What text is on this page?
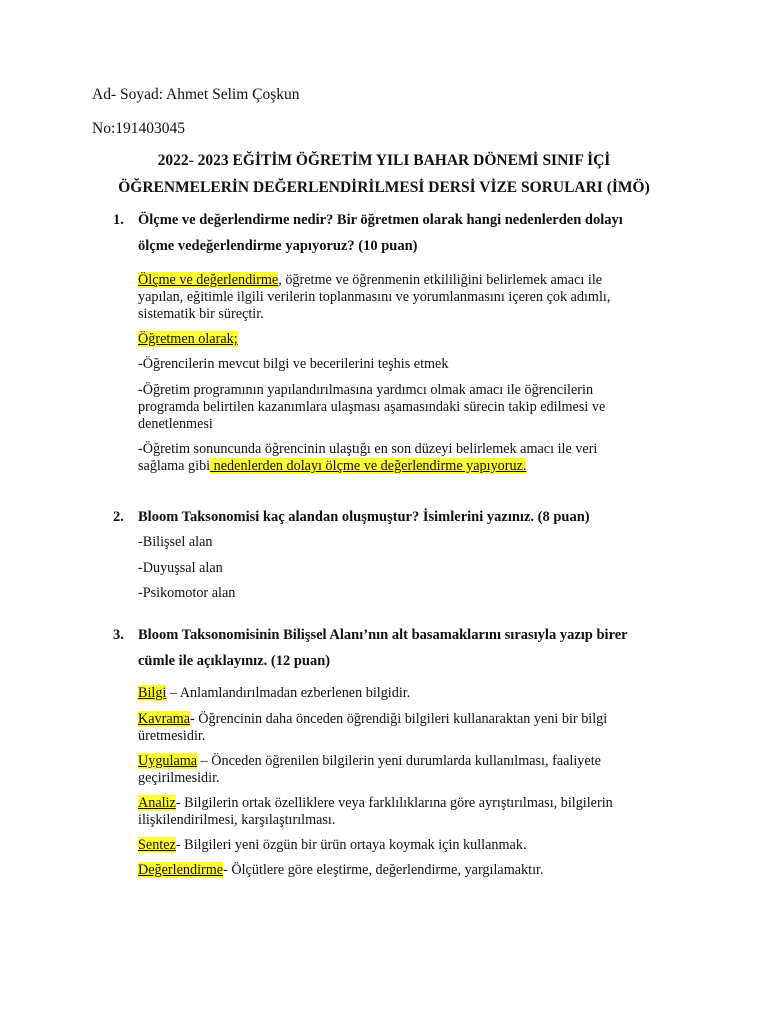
Ad- Soyad: Ahmet Selim Çoşkun
No:191403045
2022- 2023 EĞİTİM ÖĞRETİM YILI BAHAR DÖNEMİ SINIF İÇİ
ÖĞRENMELERİN DEĞERLENDİRİLMESİ DERSİ VİZE SORULARI (İMÖ)
1. Ölçme ve değerlendirme nedir? Bir öğretmen olarak hangi nedenlerden dolayı
ölçme vedeğerlendirme yapıyoruz? (10 puan)
Ölçme ve değerlendirme, öğretme ve öğrenmenin etkililiğini belirlemek amacı ile
yapılan, eğitimle ilgili verilerin toplanmasını ve yorumlanmasını içeren çok adımlı,
sistematik bir süreçtir.
Öğretmen olarak;
-Öğrencilerin mevcut bilgi ve becerilerini teşhis etmek
-Öğretim programının yapılandırılmasına yardımcı olmak amacı ile öğrencilerin
programda belirtilen kazanımlara ulaşması aşamasındaki sürecin takip edilmesi ve
denetlenmesi
-Öğretim sonuncunda öğrencinin ulaştığı en son düzeyi belirlemek amacı ile veri
sağlama gibi nedenlerden dolayı ölçme ve değerlendirme yapıyoruz.
2. Bloom Taksonomisi kaç alandan oluşmuştur? İsimlerini yazınız. (8 puan)
-Bilişsel alan
-Duyuşsal alan
-Psikomotor alan
3. Bloom Taksonomisinin Bilişsel Alanı’nın alt basamaklarını sırasıyla yazıp birer
cümle ile açıklayınız. (12 puan)
Bilgi – Anlamlandırılmadan ezberlenen bilgidir.
Kavrama- Öğrencinin daha önceden öğrendiği bilgileri kullanaraktan yeni bir bilgi
üretmesidir.
Uygulama – Önceden öğrenilen bilgilerin yeni durumlarda kullanılması, faaliyete
geçirilmesidir.
Analiz- Bilgilerin ortak özelliklere veya farklılıklarına göre ayrıştırılması, bilgilerin
ilişkilendirilmesi, karşılaştırılması.
Sentez- Bilgileri yeni özgün bir ürün ortaya koymak için kullanmak.
Değerlendirme- Ölçütlere göre eleştirme, değerlendirme, yargılamaktır.
